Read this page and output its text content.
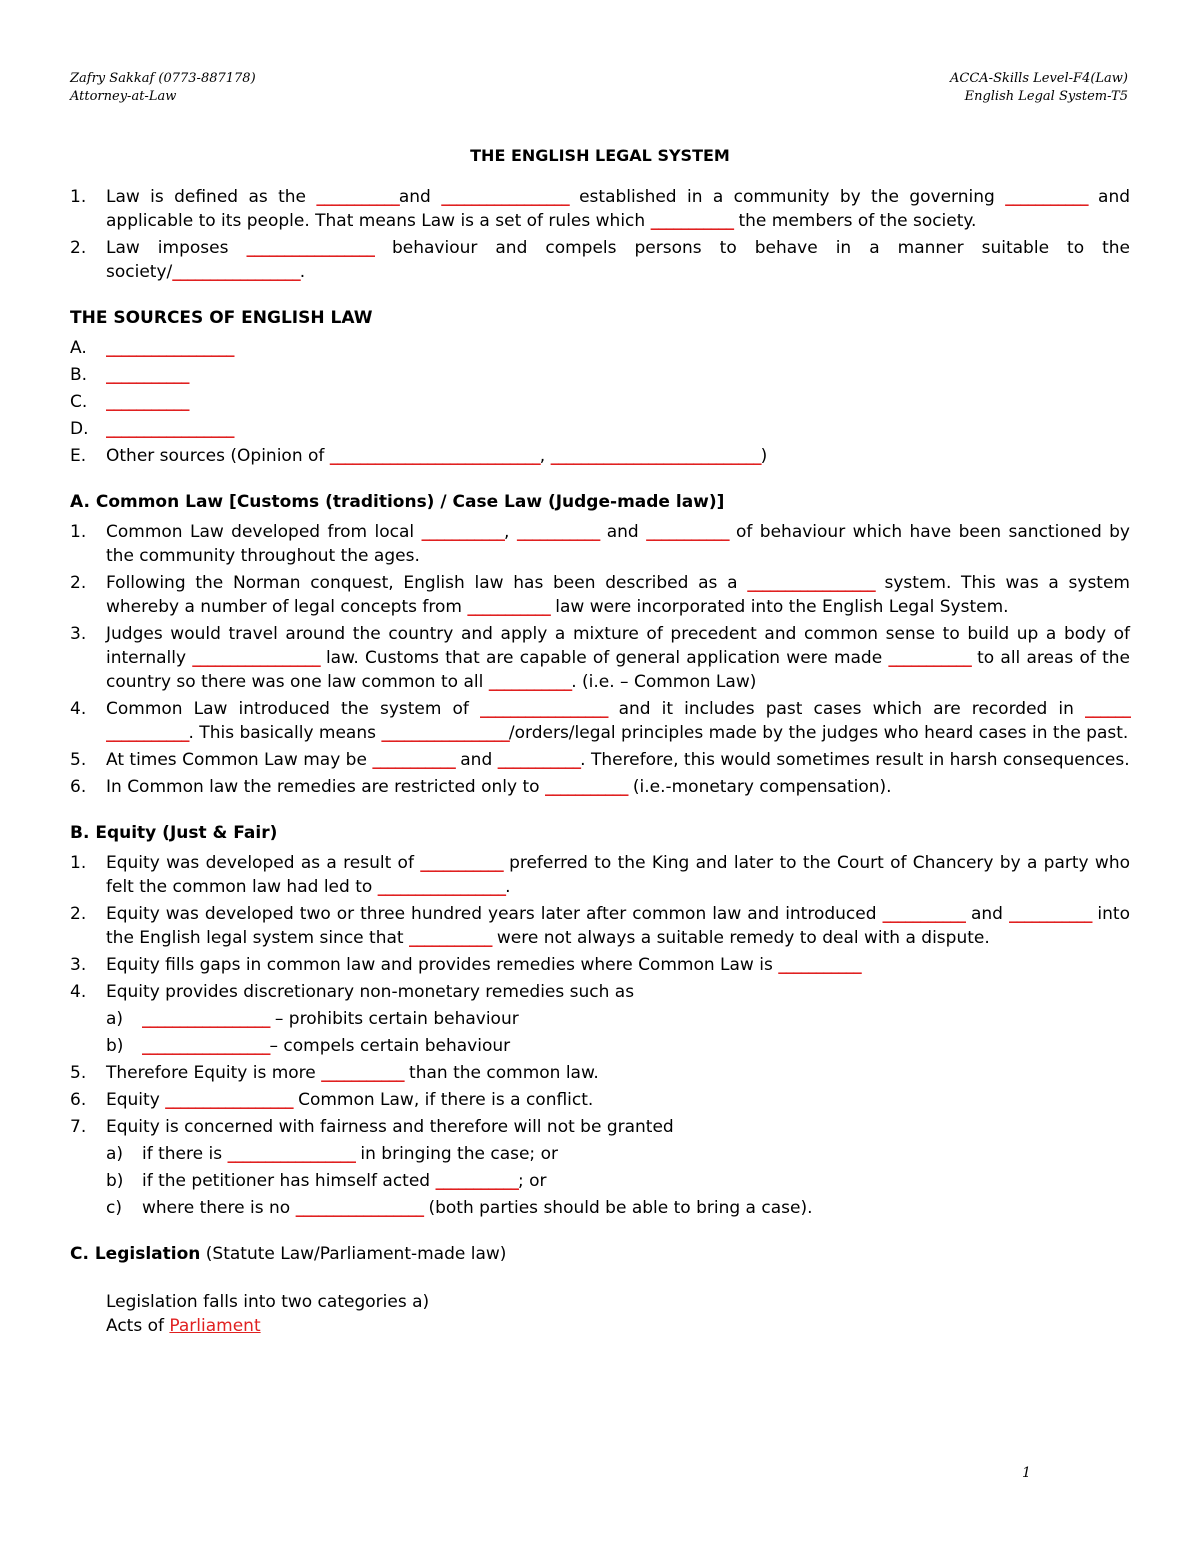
Zafry Sakkaf (0773-887178)
Attorney-at-Law
ACCA-Skills Level-F4(Law)
English Legal System-T5
THE ENGLISH LEGAL SYSTEM
1.	Law is defined as the ___________and _________________ established in a community by the governing ___________ and applicable to its people. That means Law is a set of rules which ___________ the members of the society.
2.	Law imposes _________________ behaviour and compels persons to behave in a manner suitable to the society/_________________.
THE SOURCES OF ENGLISH LAW
A.	_________________
B.	___________
C.	___________
D.	_________________
E.	Other sources (Opinion of ____________________________, ____________________________)
A. Common Law [Customs (traditions) / Case Law (Judge-made law)]
1.	Common Law developed from local ___________, ___________ and ___________ of behaviour which have been sanctioned by the community throughout the ages.
2.	Following the Norman conquest, English law has been described as a _________________ system. This was a system whereby a number of legal concepts from ___________ law were incorporated into the English Legal System.
3.	Judges would travel around the country and apply a mixture of precedent and common sense to build up a body of internally _________________ law. Customs that are capable of general application were made ___________ to all areas of the country so there was one law common to all ___________. (i.e. – Common Law)
4.	Common Law introduced the system of _________________ and it includes past cases which are recorded in ______ ___________. This basically means _________________/orders/legal principles made by the judges who heard cases in the past.
5.	At times Common Law may be ___________ and ___________. Therefore, this would sometimes result in harsh consequences.
6.	In Common law the remedies are restricted only to ___________ (i.e.-monetary compensation).
B. Equity (Just & Fair)
1.	Equity was developed as a result of ___________ preferred to the King and later to the Court of Chancery by a party who felt the common law had led to _________________.
2.	Equity was developed two or three hundred years later after common law and introduced ___________ and ___________ into the English legal system since that ___________ were not always a suitable remedy to deal with a dispute.
3.	Equity fills gaps in common law and provides remedies where Common Law is ___________
4.	Equity provides discretionary non-monetary remedies such as
a)	_________________ – prohibits certain behaviour
b)	_________________– compels certain behaviour
5.	Therefore Equity is more ___________ than the common law.
6.	Equity _________________ Common Law, if there is a conflict.
7.	Equity is concerned with fairness and therefore will not be granted
a)	if there is _________________ in bringing the case; or
b)	if the petitioner has himself acted ___________; or
c)	where there is no _________________ (both parties should be able to bring a case).
C. Legislation (Statute Law/Parliament-made law)
Legislation falls into two categories a)
Acts of Parliament
1
